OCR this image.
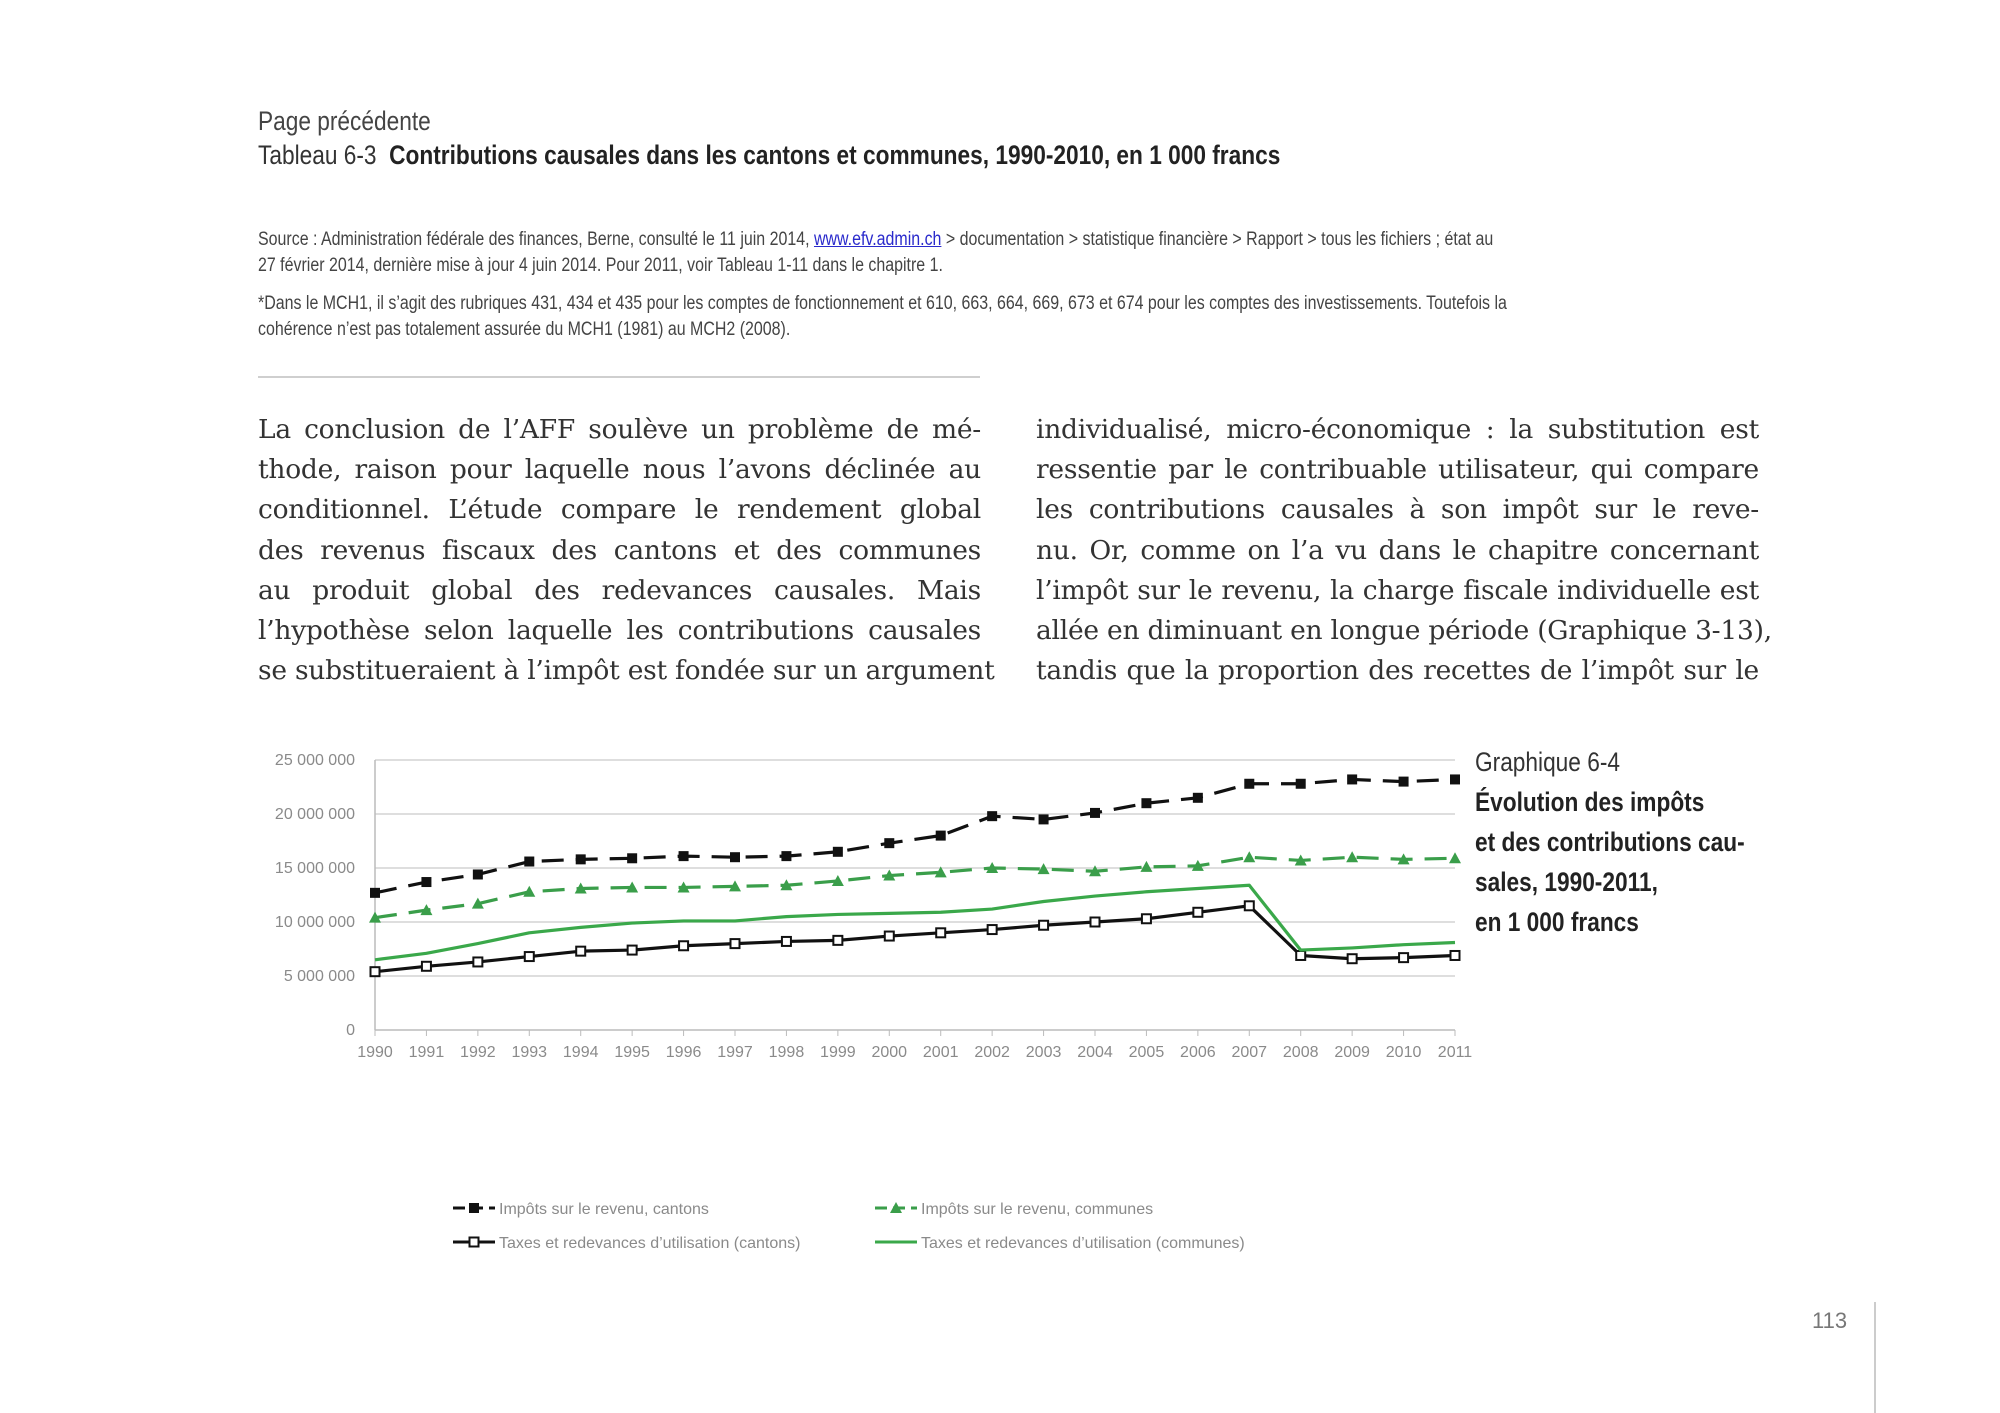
Page précédente
Tableau 6-3 Contributions causales dans les cantons et communes, 1990-2010, en 1 000 francs
Source : Administration fédérale des finances, Berne, consulté le 11 juin 2014, www.efv.admin.ch > documentation > statistique financière > Rapport > tous les fichiers ; état au
27 février 2014, dernière mise à jour 4 juin 2014. Pour 2011, voir Tableau 1-11 dans le chapitre 1.
*Dans le MCH1, il s’agit des rubriques 431, 434 et 435 pour les comptes de fonctionnement et 610, 663, 664, 669, 673 et 674 pour les comptes des investissements. Toutefois la
cohérence n’est pas totalement assurée du MCH1 (1981) au MCH2 (2008).
La conclusion de l’AFF soulève un problème de mé-
thode, raison pour laquelle nous l’avons déclinée au
conditionnel. L’étude compare le rendement global
des revenus fiscaux des cantons et des communes
au produit global des redevances causales. Mais
l’hypothèse selon laquelle les contributions causales
se substitueraient à l’impôt est fondée sur un argument
individualisé, micro-économique : la substitution est
ressentie par le contribuable utilisateur, qui compare
les contributions causales à son impôt sur le reve-
nu. Or, comme on l’a vu dans le chapitre concernant
l’impôt sur le revenu, la charge fiscale individuelle est
allée en diminuant en longue période (Graphique 3-13),
tandis que la proportion des recettes de l’impôt sur le
0
5 000 000
10 000 000
15 000 000
20 000 000
25 000 000
1990 1991 1992 1993 1994 1995 1996 1997 1998 1999 2000 2001 2002 2003 2004 2005 2006 2007 2008 2009 2010 2011
Impôts sur le revenu, cantons	Impôts sur le revenu, communes
Taxes et redevances d’utilisation (cantons)	Taxes et redevances d’utilisation (communes)
Graphique 6-4
Évolution des impôts
et des contributions cau-
sales, 1990-2011,
en 1 000 francs
113
